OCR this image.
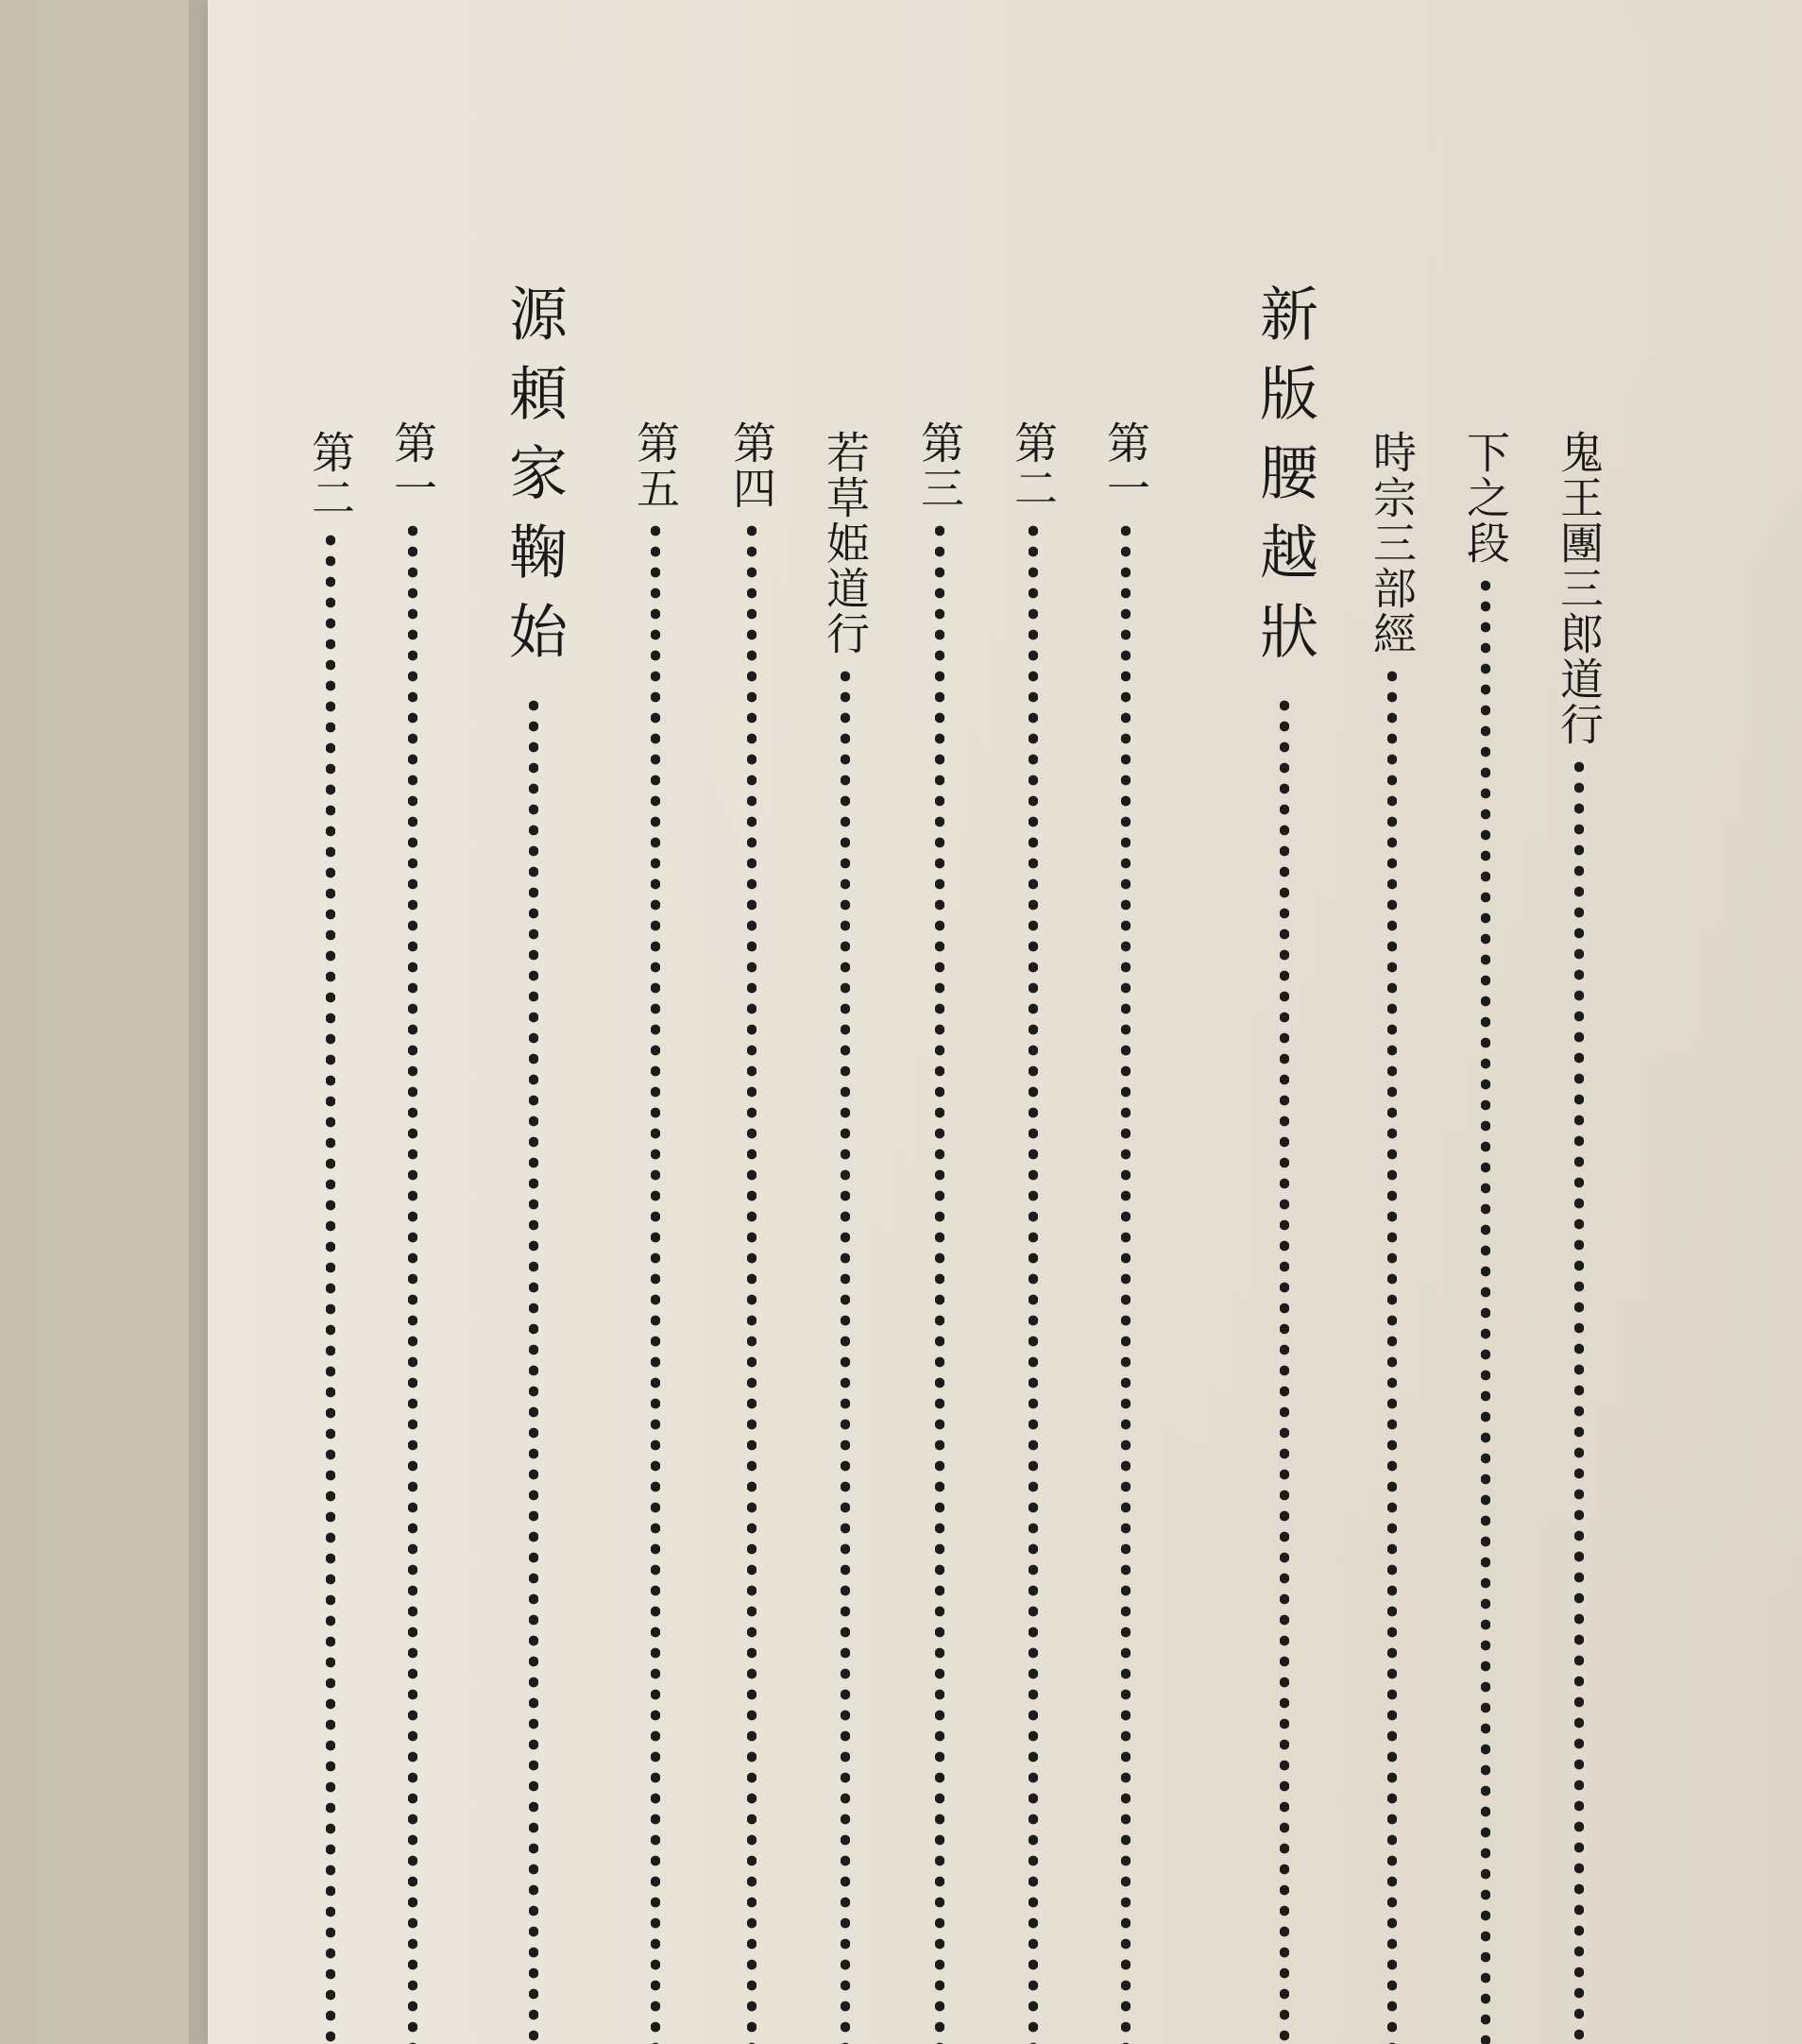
鬼王團三郎道行
下之段
時宗三部經
新版腰越狀
第一
第二
第三
若草姫道行
第四
第五
源頼家鞠始
第一
第二
